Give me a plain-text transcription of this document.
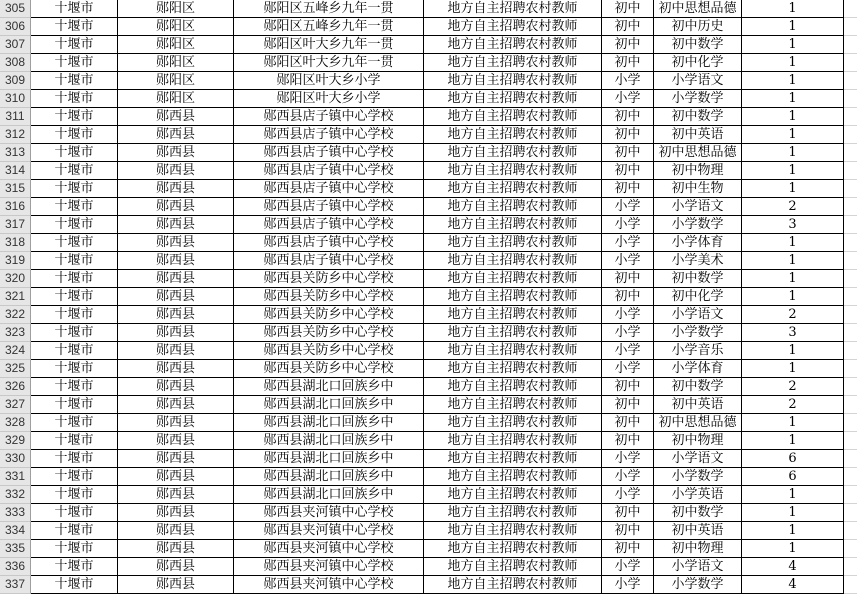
305	十堰市	郧阳区	郧阳区五峰乡九年一贯	地方自主招聘农村教师	初中	初中思想品德	1
306	十堰市	郧阳区	郧阳区五峰乡九年一贯	地方自主招聘农村教师	初中	初中历史	1
307	十堰市	郧阳区	郧阳区叶大乡九年一贯	地方自主招聘农村教师	初中	初中数学	1
308	十堰市	郧阳区	郧阳区叶大乡九年一贯	地方自主招聘农村教师	初中	初中化学	1
309	十堰市	郧阳区	郧阳区叶大乡小学	地方自主招聘农村教师	小学	小学语文	1
310	十堰市	郧阳区	郧阳区叶大乡小学	地方自主招聘农村教师	小学	小学数学	1
311	十堰市	郧西县	郧西县店子镇中心学校	地方自主招聘农村教师	初中	初中数学	1
312	十堰市	郧西县	郧西县店子镇中心学校	地方自主招聘农村教师	初中	初中英语	1
313	十堰市	郧西县	郧西县店子镇中心学校	地方自主招聘农村教师	初中	初中思想品德	1
314	十堰市	郧西县	郧西县店子镇中心学校	地方自主招聘农村教师	初中	初中物理	1
315	十堰市	郧西县	郧西县店子镇中心学校	地方自主招聘农村教师	初中	初中生物	1
316	十堰市	郧西县	郧西县店子镇中心学校	地方自主招聘农村教师	小学	小学语文	2
317	十堰市	郧西县	郧西县店子镇中心学校	地方自主招聘农村教师	小学	小学数学	3
318	十堰市	郧西县	郧西县店子镇中心学校	地方自主招聘农村教师	小学	小学体育	1
319	十堰市	郧西县	郧西县店子镇中心学校	地方自主招聘农村教师	小学	小学美术	1
320	十堰市	郧西县	郧西县关防乡中心学校	地方自主招聘农村教师	初中	初中数学	1
321	十堰市	郧西县	郧西县关防乡中心学校	地方自主招聘农村教师	初中	初中化学	1
322	十堰市	郧西县	郧西县关防乡中心学校	地方自主招聘农村教师	小学	小学语文	2
323	十堰市	郧西县	郧西县关防乡中心学校	地方自主招聘农村教师	小学	小学数学	3
324	十堰市	郧西县	郧西县关防乡中心学校	地方自主招聘农村教师	小学	小学音乐	1
325	十堰市	郧西县	郧西县关防乡中心学校	地方自主招聘农村教师	小学	小学体育	1
326	十堰市	郧西县	郧西县湖北口回族乡中	地方自主招聘农村教师	初中	初中数学	2
327	十堰市	郧西县	郧西县湖北口回族乡中	地方自主招聘农村教师	初中	初中英语	2
328	十堰市	郧西县	郧西县湖北口回族乡中	地方自主招聘农村教师	初中	初中思想品德	1
329	十堰市	郧西县	郧西县湖北口回族乡中	地方自主招聘农村教师	初中	初中物理	1
330	十堰市	郧西县	郧西县湖北口回族乡中	地方自主招聘农村教师	小学	小学语文	6
331	十堰市	郧西县	郧西县湖北口回族乡中	地方自主招聘农村教师	小学	小学数学	6
332	十堰市	郧西县	郧西县湖北口回族乡中	地方自主招聘农村教师	小学	小学英语	1
333	十堰市	郧西县	郧西县夹河镇中心学校	地方自主招聘农村教师	初中	初中数学	1
334	十堰市	郧西县	郧西县夹河镇中心学校	地方自主招聘农村教师	初中	初中英语	1
335	十堰市	郧西县	郧西县夹河镇中心学校	地方自主招聘农村教师	初中	初中物理	1
336	十堰市	郧西县	郧西县夹河镇中心学校	地方自主招聘农村教师	小学	小学语文	4
337	十堰市	郧西县	郧西县夹河镇中心学校	地方自主招聘农村教师	小学	小学数学	4
